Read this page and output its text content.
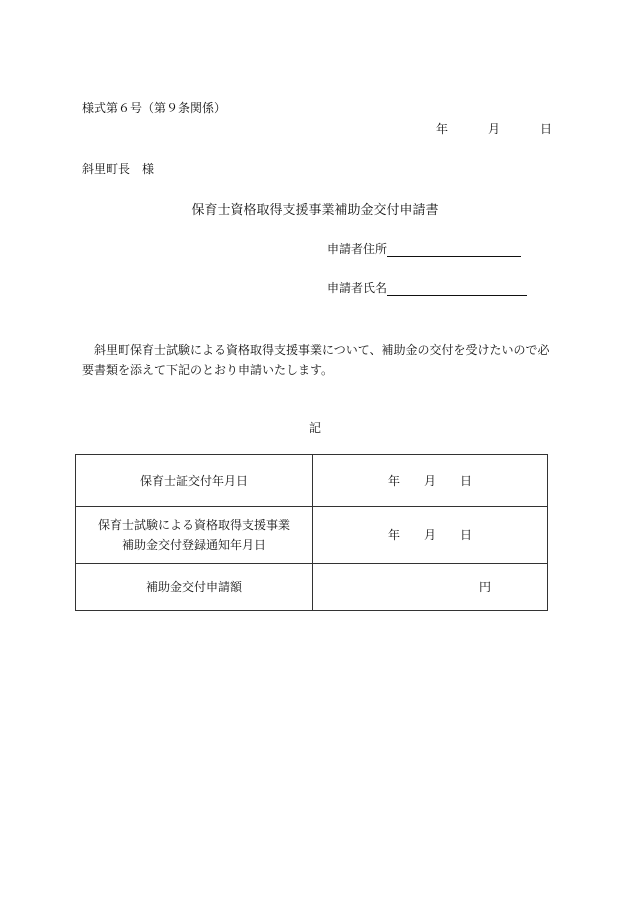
様式第６号（第９条関係）
年	月	日
斜里町長　様
保育士資格取得支援事業補助金交付申請書
申請者住所
申請者氏名
斜里町保育士試験による資格取得支援事業について、補助金の交付を受けたいので必要書類を添えて下記のとおり申請いたします。
記
保育士証交付年月日	年 月 日

保育士試験による資格取得支援事業
補助金交付登録通知年月日	年 月 日
補助金交付申請額	円
